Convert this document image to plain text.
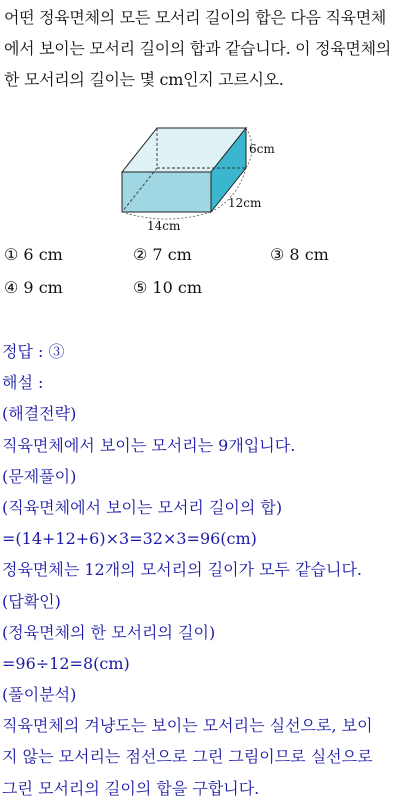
어떤 정육면체의 모든 모서리 길이의 합은 다음 직육면체에서 보이는 모서리 길이의 합과 같습니다. 이 정육면체의 한 모서리의 길이는 몇 cm인지 고르시오.
6cm
12cm
14cm
① 6 cm	② 7 cm	③ 8 cm
④ 9 cm	⑤ 10 cm
정답 : ③
해설 :
(해결전략)
직육면체에서 보이는 모서리는 9개입니다.
(문제풀이)
(직육면체에서 보이는 모서리 길이의 합)
=(14+12+6)×3=32×3=96(cm)
정육면체는 12개의 모서리의 길이가 모두 같습니다.
(답확인)
(정육면체의 한 모서리의 길이)
=96÷12=8(cm)
(풀이분석)
직육면체의 겨냥도는 보이는 모서리는 실선으로, 보이
지 않는 모서리는 점선으로 그린 그림이므로 실선으로
그린 모서리의 길이의 합을 구합니다.
